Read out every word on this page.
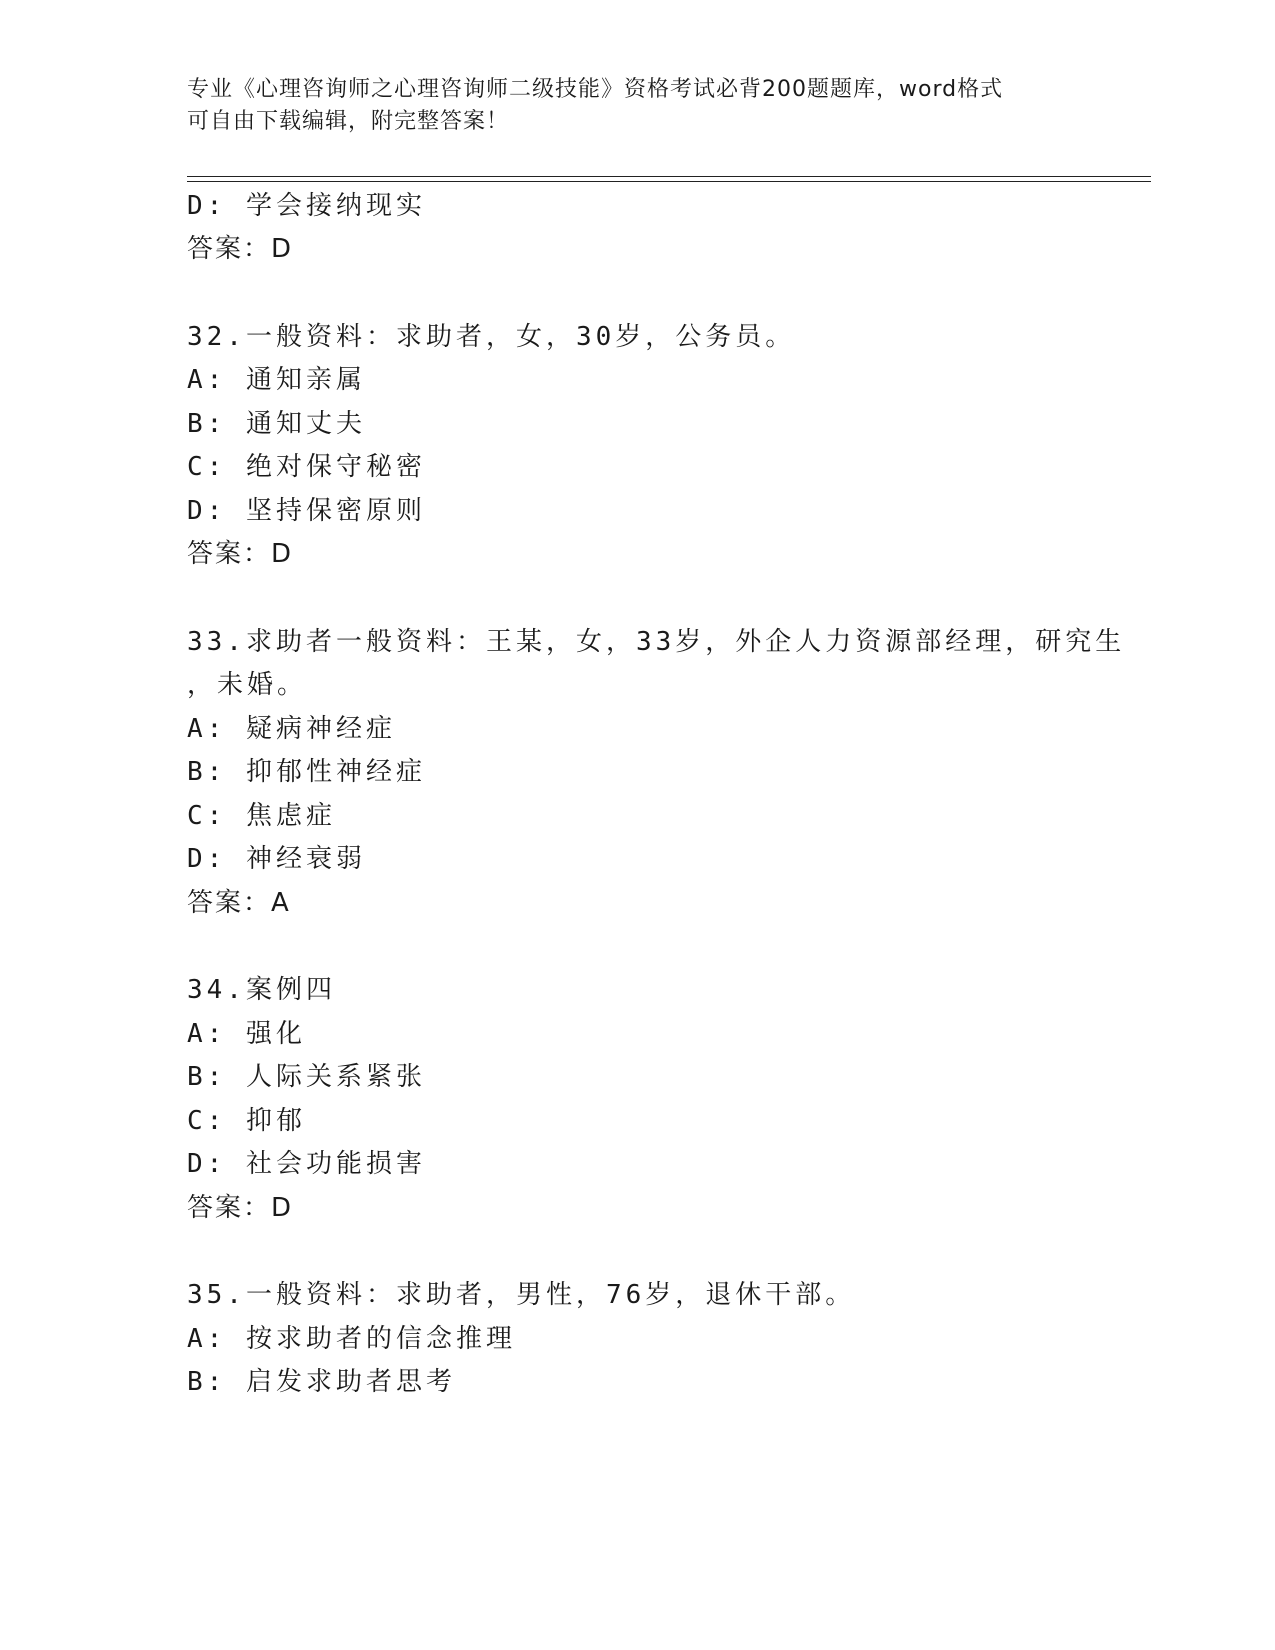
专业《心理咨询师之心理咨询师二级技能》资格考试必背200题题库，word格式
可自由下载编辑，附完整答案！
D: 学会接纳现实
答案：D
32.一般资料：求助者，女，30岁，公务员。
A: 通知亲属
B: 通知丈夫
C: 绝对保守秘密
D: 坚持保密原则
答案：D
33.求助者一般资料：王某，女，33岁，外企人力资源部经理，研究生
，未婚。
A: 疑病神经症
B: 抑郁性神经症
C: 焦虑症
D: 神经衰弱
答案：A
34.案例四
A: 强化
B: 人际关系紧张
C: 抑郁
D: 社会功能损害
答案：D
35.一般资料：求助者，男性，76岁，退休干部。
A: 按求助者的信念推理
B: 启发求助者思考
